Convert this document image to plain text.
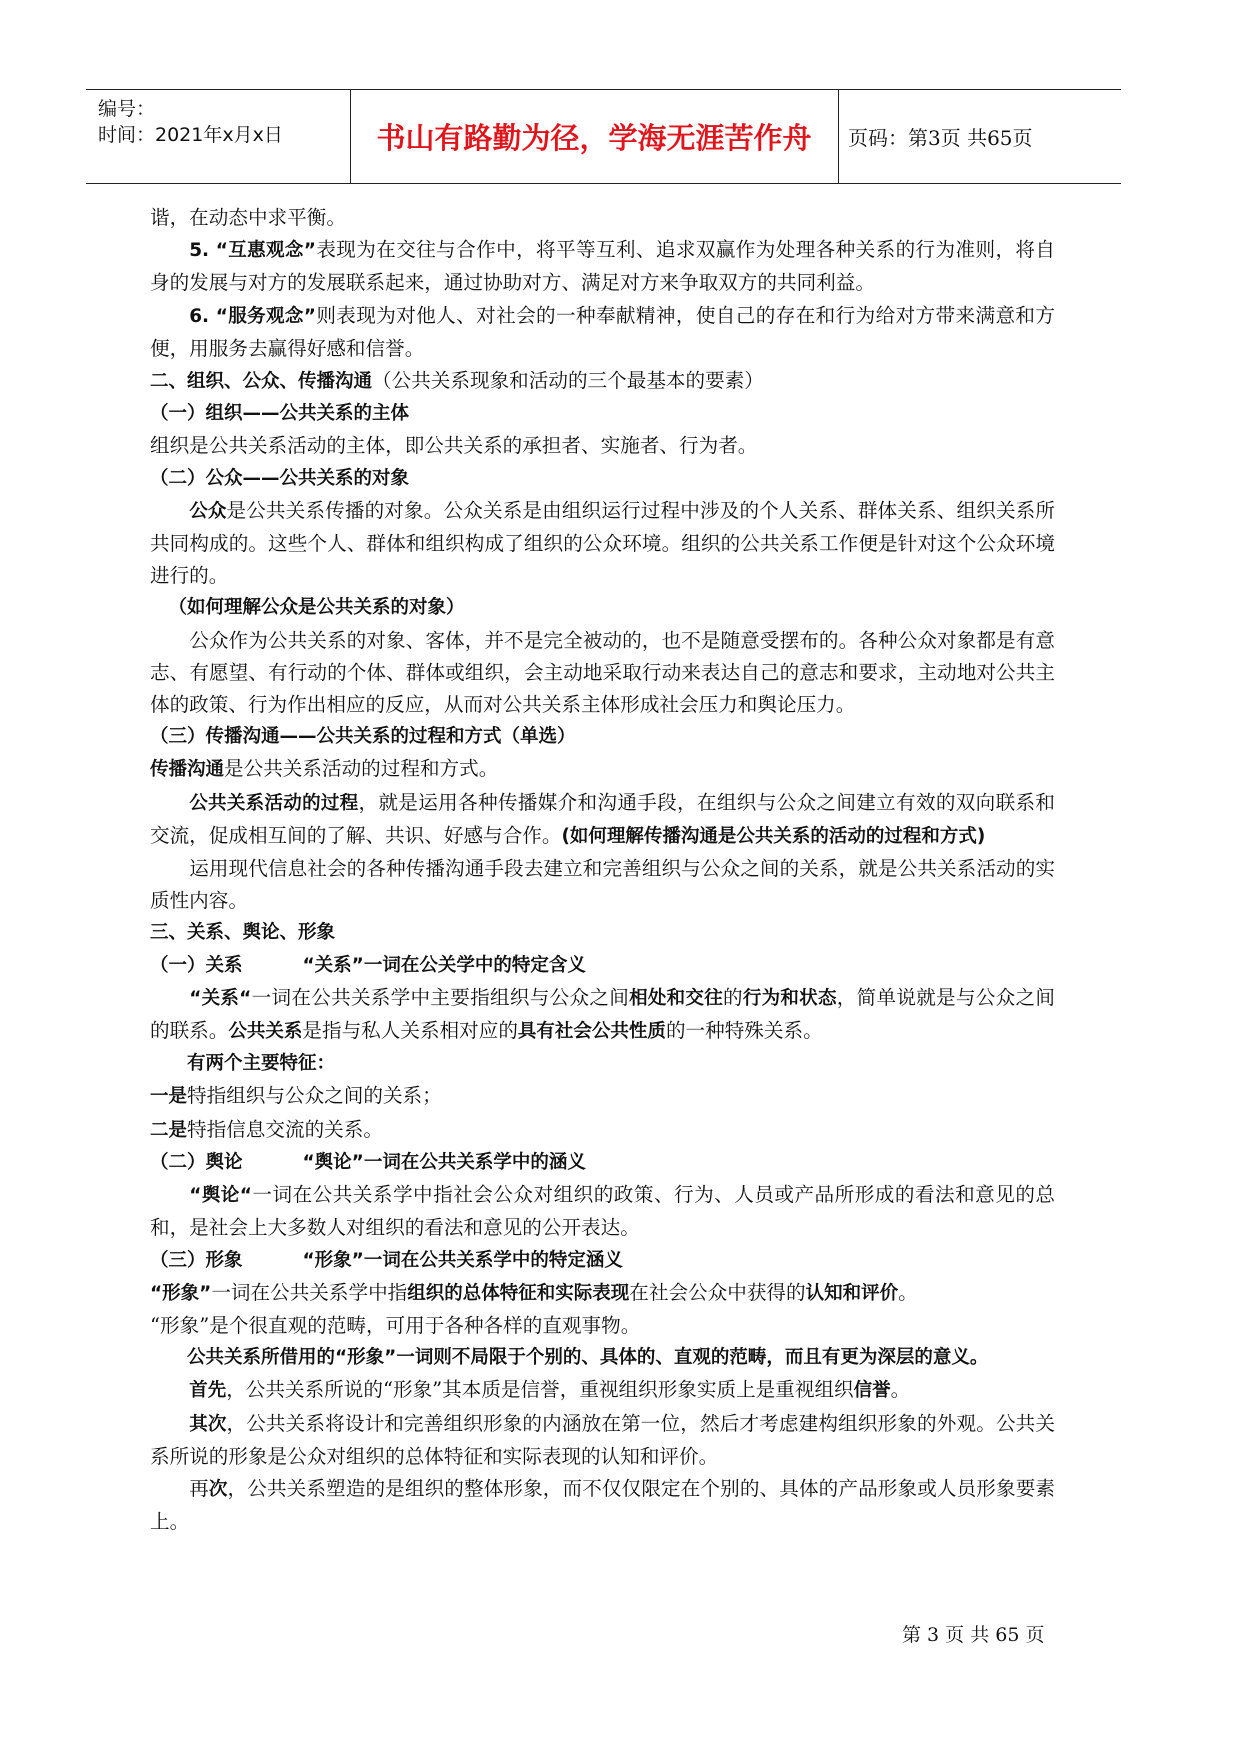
编号：
时间：2021年x月x日	书山有路勤为径，学海无涯苦作舟 页码：第3页 共65页

谐，在动态中求平衡。

5. “互惠观念”表现为在交往与合作中，将平等互利、追求双赢作为处理各种关系的行为准则，将自身的发展与对方的发展联系起来，通过协助对方、满足对方来争取双方的共同利益。

6. “服务观念”则表现为对他人、对社会的一种奉献精神，使自己的存在和行为给对方带来满意和方便，用服务去赢得好感和信誉。

二、组织、公众、传播沟通（公共关系现象和活动的三个最基本的要素）

（一）组织——公共关系的主体

组织是公共关系活动的主体，即公共关系的承担者、实施者、行为者。

（二）公众——公共关系的对象

公众是公共关系传播的对象。公众关系是由组织运行过程中涉及的个人关系、群体关系、组织关系所共同构成的。这些个人、群体和组织构成了组织的公众环境。组织的公共关系工作便是针对这个公众环境进行的。

（如何理解公众是公共关系的对象）

公众作为公共关系的对象、客体，并不是完全被动的，也不是随意受摆布的。各种公众对象都是有意志、有愿望、有行动的个体、群体或组织，会主动地采取行动来表达自己的意志和要求，主动地对公共主体的政策、行为作出相应的反应，从而对公共关系主体形成社会压力和舆论压力。

（三）传播沟通——公共关系的过程和方式（单选）

传播沟通是公共关系活动的过程和方式。

公共关系活动的过程，就是运用各种传播媒介和沟通手段，在组织与公众之间建立有效的双向联系和交流，促成相互间的了解、共识、好感与合作。(如何理解传播沟通是公共关系的活动的过程和方式)

运用现代信息社会的各种传播沟通手段去建立和完善组织与公众之间的关系，就是公共关系活动的实质性内容。

三、关系、舆论、形象

（一）关系	“关系”一词在公关学中的特定含义

“关系“一词在公共关系学中主要指组织与公众之间相处和交往的行为和状态，简单说就是与公众之间的联系。公共关系是指与私人关系相对应的具有社会公共性质的一种特殊关系。

有两个主要特征：

一是特指组织与公众之间的关系；

二是特指信息交流的关系。

（二）舆论	“舆论”一词在公共关系学中的涵义

“舆论“一词在公共关系学中指社会公众对组织的政策、行为、人员或产品所形成的看法和意见的总和，是社会上大多数人对组织的看法和意见的公开表达。

（三）形象	“形象”一词在公共关系学中的特定涵义

“形象”一词在公共关系学中指组织的总体特征和实际表现在社会公众中获得的认知和评价。

“形象”是个很直观的范畴，可用于各种各样的直观事物。

公共关系所借用的“形象”一词则不局限于个别的、具体的、直观的范畴，而且有更为深层的意义。

首先，公共关系所说的“形象”其本质是信誉，重视组织形象实质上是重视组织信誉。

其次，公共关系将设计和完善组织形象的内涵放在第一位，然后才考虑建构组织形象的外观。公共关系所说的形象是公众对组织的总体特征和实际表现的认知和评价。

再次，公共关系塑造的是组织的整体形象，而不仅仅限定在个别的、具体的产品形象或人员形象要素上。

第 3 页 共 65 页
